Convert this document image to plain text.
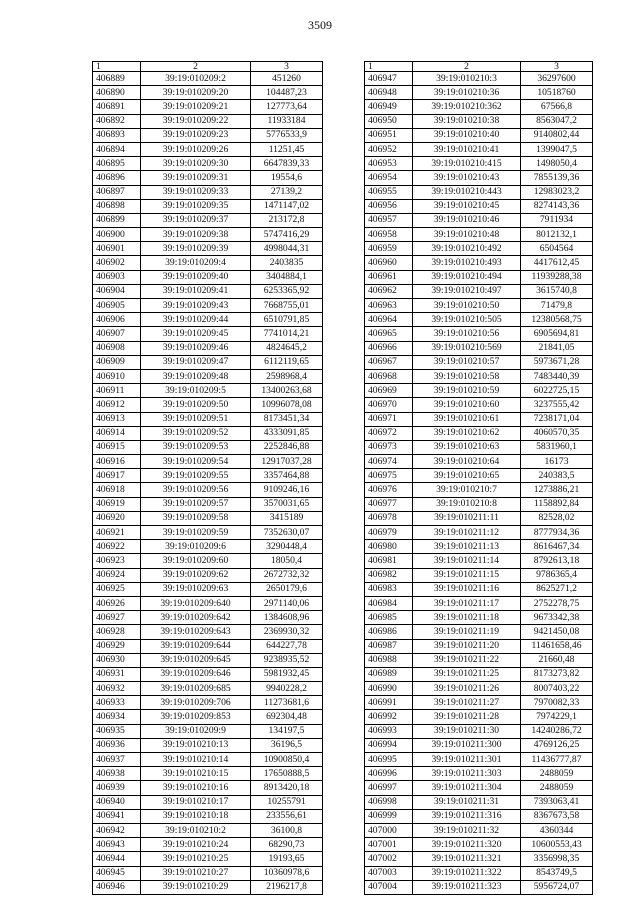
3509
1	2	3
406889	39:19:010209:2	451260
406890	39:19:010209:20	104487,23
406891	39:19:010209:21	127773,64
406892	39:19:010209:22	11933184
406893	39:19:010209:23	5776533,9
406894	39:19:010209:26	11251,45
406895	39:19:010209:30	6647839,33
406896	39:19:010209:31	19554,6
406897	39:19:010209:33	27139,2
406898	39:19:010209:35	1471147,02
406899	39:19:010209:37	213172,8
406900	39:19:010209:38	5747416,29
406901	39:19:010209:39	4998044,31
406902	39:19:010209:4	2403835
406903	39:19:010209:40	3404884,1
406904	39:19:010209:41	6253365,92
406905	39:19:010209:43	7668755,01
406906	39:19:010209:44	6510791,85
406907	39:19:010209:45	7741014,21
406908	39:19:010209:46	4824645,2
406909	39:19:010209:47	6112119,65
406910	39:19:010209:48	2598968,4
406911	39:19:010209:5	13400263,68
406912	39:19:010209:50	10996078,08
406913	39:19:010209:51	8173451,34
406914	39:19:010209:52	4333091,85
406915	39:19:010209:53	2252846,88
406916	39:19:010209:54	12917037,28
406917	39:19:010209:55	3357464,88
406918	39:19:010209:56	9109246,16
406919	39:19:010209:57	3570031,65
406920	39:19:010209:58	3415189
406921	39:19:010209:59	7352630,07
406922	39:19:010209:6	3290448,4
406923	39:19:010209:60	18050,4
406924	39:19:010209:62	2672732,32
406925	39:19:010209:63	2650179,6
406926	39:19:010209:640	2971140,06
406927	39:19:010209:642	1384608,96
406928	39:19:010209:643	2369930,32
406929	39:19:010209:644	644227,78
406930	39:19:010209:645	9238935,52
406931	39:19:010209:646	5981932,45
406932	39:19:010209:685	9940228,2
406933	39:19:010209:706	11273681,6
406934	39:19:010209:853	692304,48
406935	39:19:010209:9	134197,5
406936	39:19:010210:13	36196,5
406937	39:19:010210:14	10900850,4
406938	39:19:010210:15	17650888,5
406939	39:19:010210:16	8913420,18
406940	39:19:010210:17	10255791
406941	39:19:010210:18	233556,61
406942	39:19:010210:2	36100,8
406943	39:19:010210:24	68290,73
406944	39:19:010210:25	19193,65
406945	39:19:010210:27	10360978,6
406946	39:19:010210:29	2196217,8
1	2	3
406947	39:19:010210:3	36297600
406948	39:19:010210:36	10518760
406949	39:19:010210:362	67566,8
406950	39:19:010210:38	8563047,2
406951	39:19:010210:40	9140802,44
406952	39:19:010210:41	1399047,5
406953	39:19:010210:415	1498050,4
406954	39:19:010210:43	7855139,36
406955	39:19:010210:443	12983023,2
406956	39:19:010210:45	8274143,36
406957	39:19:010210:46	7911934
406958	39:19:010210:48	8012132,1
406959	39:19:010210:492	6504564
406960	39:19:010210:493	4417612,45
406961	39:19:010210:494	11939288,38
406962	39:19:010210:497	3615740,8
406963	39:19:010210:50	71479,8
406964	39:19:010210:505	12380568,75
406965	39:19:010210:56	6905694,81
406966	39:19:010210:569	21841,05
406967	39:19:010210:57	5973671,28
406968	39:19:010210:58	7483440,39
406969	39:19:010210:59	6022725,15
406970	39:19:010210:60	3237555,42
406971	39:19:010210:61	7238171,04
406972	39:19:010210:62	4060570,35
406973	39:19:010210:63	5831960,1
406974	39:19:010210:64	16173
406975	39:19:010210:65	240383,5
406976	39:19:010210:7	1273886,21
406977	39:19:010210:8	1158892,84
406978	39:19:010211:11	82528,02
406979	39:19:010211:12	8777934,36
406980	39:19:010211:13	8616467,34
406981	39:19:010211:14	8792613,18
406982	39:19:010211:15	9786365,4
406983	39:19:010211:16	8625271,2
406984	39:19:010211:17	2752278,75
406985	39:19:010211:18	9673342,38
406986	39:19:010211:19	9421450,08
406987	39:19:010211:20	11461658,46
406988	39:19:010211:22	21660,48
406989	39:19:010211:25	8173273,82
406990	39:19:010211:26	8007403,22
406991	39:19:010211:27	7970082,33
406992	39:19:010211:28	7974229,1
406993	39:19:010211:30	14240286,72
406994	39:19:010211:300	4769126,25
406995	39:19:010211:301	11436777,87
406996	39:19:010211:303	2488059
406997	39:19:010211:304	2488059
406998	39:19:010211:31	7393063,41
406999	39:19:010211:316	8367673,58
407000	39:19:010211:32	4360344
407001	39:19:010211:320	10600553,43
407002	39:19:010211:321	3356998,35
407003	39:19:010211:322	8543749,5
407004	39:19:010211:323	5956724,07
